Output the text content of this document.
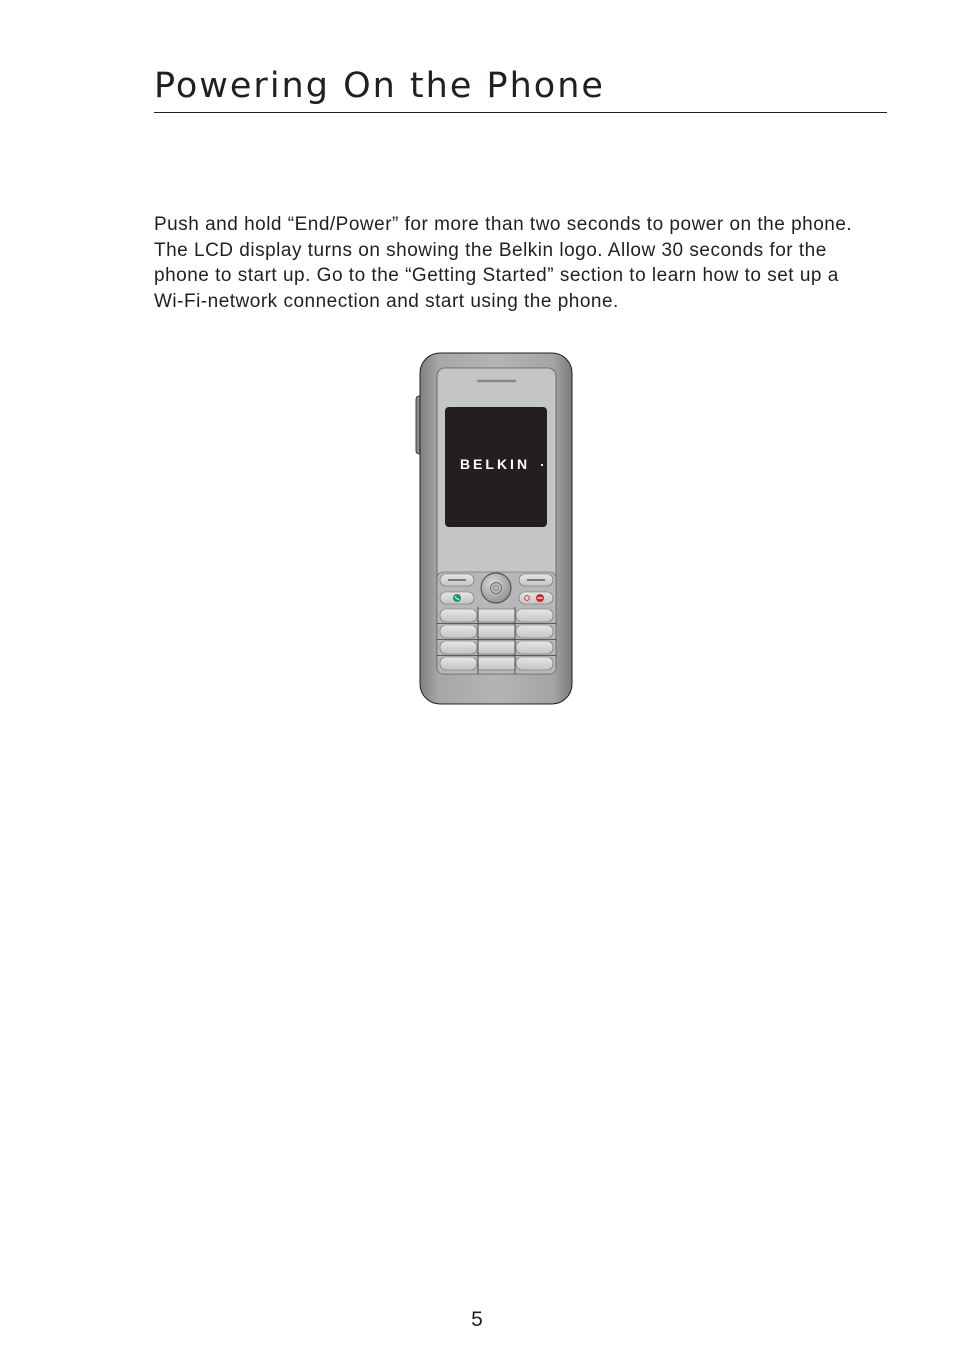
Powering On the Phone

Push and hold “End/Power” for more than two seconds to power on the phone. The LCD display turns on showing the Belkin logo. Allow 30 seconds for the phone to start up. Go to the “Getting Started” section to learn how to set up a Wi-Fi-network connection and start using the phone.

BELKIN
5
